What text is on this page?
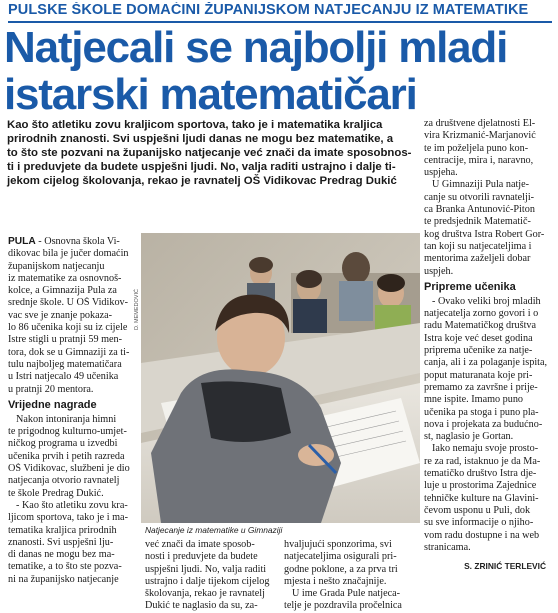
PULSKE ŠKOLE DOMAĆINI ŽUPANIJSKOM NATJECANJU IZ MATEMATIKE
Natjecali se najbolji mladi
istarski matematičari
Kao što atletiku zovu kraljicom sportova, tako je i matematika kraljica
prirodnih znanosti. Svi uspješni ljudi danas ne mogu bez matematike, a
to što ste pozvani na županijsko natjecanje već znači da imate sposobnos-
ti i preduvjete da budete uspješni ljudi. No, valja raditi ustrajno i dalje ti-
jekom cijelog školovanja, rekao je ravnatelj OŠ Vidikovac Predrag Dukić
PULA - Osnovna škola Vi-
dikovac bila je jučer domaćin
županijskom natjecanju
iz matematike za osnovnoš-
kolce, a Gimnazija Pula za
srednje škole. U OŠ Vidikov-
vac sve je znanje pokaza-
lo 86 učenika koji su iz cijele
Istre stigli u pratnji 59 men-
tora, dok se u Gimnaziji za ti-
tulu najboljeg matematičara
u Istri natjecalo 49 učenika
u pratnji 20 mentora.
Vrijedne nagrade
Nakon intoniranja himni
te prigodnog kulturno-umjet-
ničkog programa u izvedbi
učenika prvih i petih razreda
OŠ Vidikovac, službeni je dio
natjecanja otvorio ravnatelj
te škole Predrag Dukić.
- Kao što atletiku zovu kra-
ljicom sportova, tako je i ma-
tematika kraljica prirodnih
znanosti. Svi uspješni lju-
di danas ne mogu bez ma-
tematike, a to što ste pozva-
ni na županijsko natjecanje
D. MEMEDOVIĆ
Natjecanje iz matematike u Gimnaziji
već znači da imate sposob-
nosti i preduvjete da budete
uspješni ljudi. No, valja raditi
ustrajno i dalje tijekom cijelog
školovanja, rekao je ravnatelj
Dukić te naglasio da su, za-
hvaljujući sponzorima, svi
natjecateljima osigurali pri-
godne poklone, a za prva tri
mjesta i nešto značajnije.
U ime Grada Pule natjeca-
telje je pozdravila pročelnica
za društvene djelatnosti El-
vira Krizmanić-Marjanović
te im poželjela puno kon-
centracije, mira i, naravno,
uspjeha.
U Gimnaziji Pula natje-
canje su otvorili ravnatelji-
ca Branka Antunović-Piton
te predsjednik Matematič-
kog društva Istra Robert Gor-
tan koji su natjecateljima i
mentorima zaželjeli dobar
uspjeh.
Pripreme učenika
- Ovako veliki broj mladih
natjecatelja zorno govori i o
radu Matematičkog društva
Istra koje već deset godina
priprema učenike za natje-
canja, ali i za polaganje ispita,
poput maturanata koje pri-
premamo za završne i prije-
mne ispite. Imamo puno
učenika pa stoga i puno pla-
nova i projekata za budućno-
st, naglasio je Gortan.
Iako nemaju svoje prosto-
re za rad, istaknuo je da Ma-
tematičko društvo Istra dje-
luje u prostorima Zajednice
tehničke kulture na Glavini-
čevom usponu u Puli, dok
su sve informacije o njiho-
vom radu dostupne i na web
stranicama.
S. ZRINIĆ TERLEVIĆ
